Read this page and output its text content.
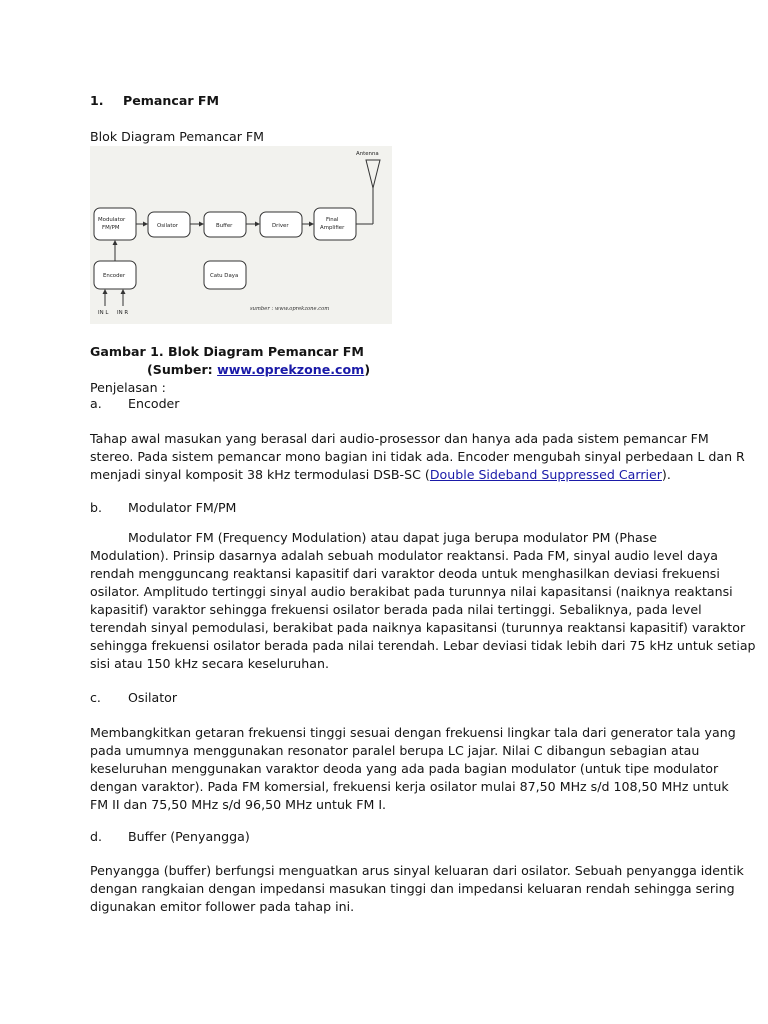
1. Pemancar FM
Blok Diagram Pemancar FM
Antenna
Modulator
FM/PM	Osilator	Buffer	Driver
Final
Amplifier
Encoder	Catu Daya
IN L IN R
sumber : www.oprekzone.com
Gambar 1. Blok Diagram Pemancar FM
(Sumber: www.oprekzone.com)
Penjelasan :
a. Encoder

Tahap awal masukan yang berasal dari audio-prosessor dan hanya ada pada sistem pemancar FM

stereo. Pada sistem pemancar mono bagian ini tidak ada. Encoder mengubah sinyal perbedaan L dan R

menjadi sinyal komposit 38 kHz termodulasi DSB-SC (Double Sideband Suppressed Carrier).

b. Modulator FM/PM

Modulator FM (Frequency Modulation) atau dapat juga berupa modulator PM (Phase

Modulation). Prinsip dasarnya adalah sebuah modulator reaktansi. Pada FM, sinyal audio level daya

rendah mengguncang reaktansi kapasitif dari varaktor deoda untuk menghasilkan deviasi frekuensi

osilator. Amplitudo tertinggi sinyal audio berakibat pada turunnya nilai kapasitansi (naiknya reaktansi

kapasitif) varaktor sehingga frekuensi osilator berada pada nilai tertinggi. Sebaliknya, pada level

terendah sinyal pemodulasi, berakibat pada naiknya kapasitansi (turunnya reaktansi kapasitif) varaktor

sehingga frekuensi osilator berada pada nilai terendah. Lebar deviasi tidak lebih dari 75 kHz untuk setiap

sisi atau 150 kHz secara keseluruhan.

c. Osilator

Membangkitkan getaran frekuensi tinggi sesuai dengan frekuensi lingkar tala dari generator tala yang

pada umumnya menggunakan resonator paralel berupa LC jajar. Nilai C dibangun sebagian atau

keseluruhan menggunakan varaktor deoda yang ada pada bagian modulator (untuk tipe modulator

dengan varaktor). Pada FM komersial, frekuensi kerja osilator mulai 87,50 MHz s/d 108,50 MHz untuk

FM II dan 75,50 MHz s/d 96,50 MHz untuk FM I.

d. Buffer (Penyangga)

Penyangga (buffer) berfungsi menguatkan arus sinyal keluaran dari osilator. Sebuah penyangga identik

dengan rangkaian dengan impedansi masukan tinggi dan impedansi keluaran rendah sehingga sering

digunakan emitor follower pada tahap ini.
